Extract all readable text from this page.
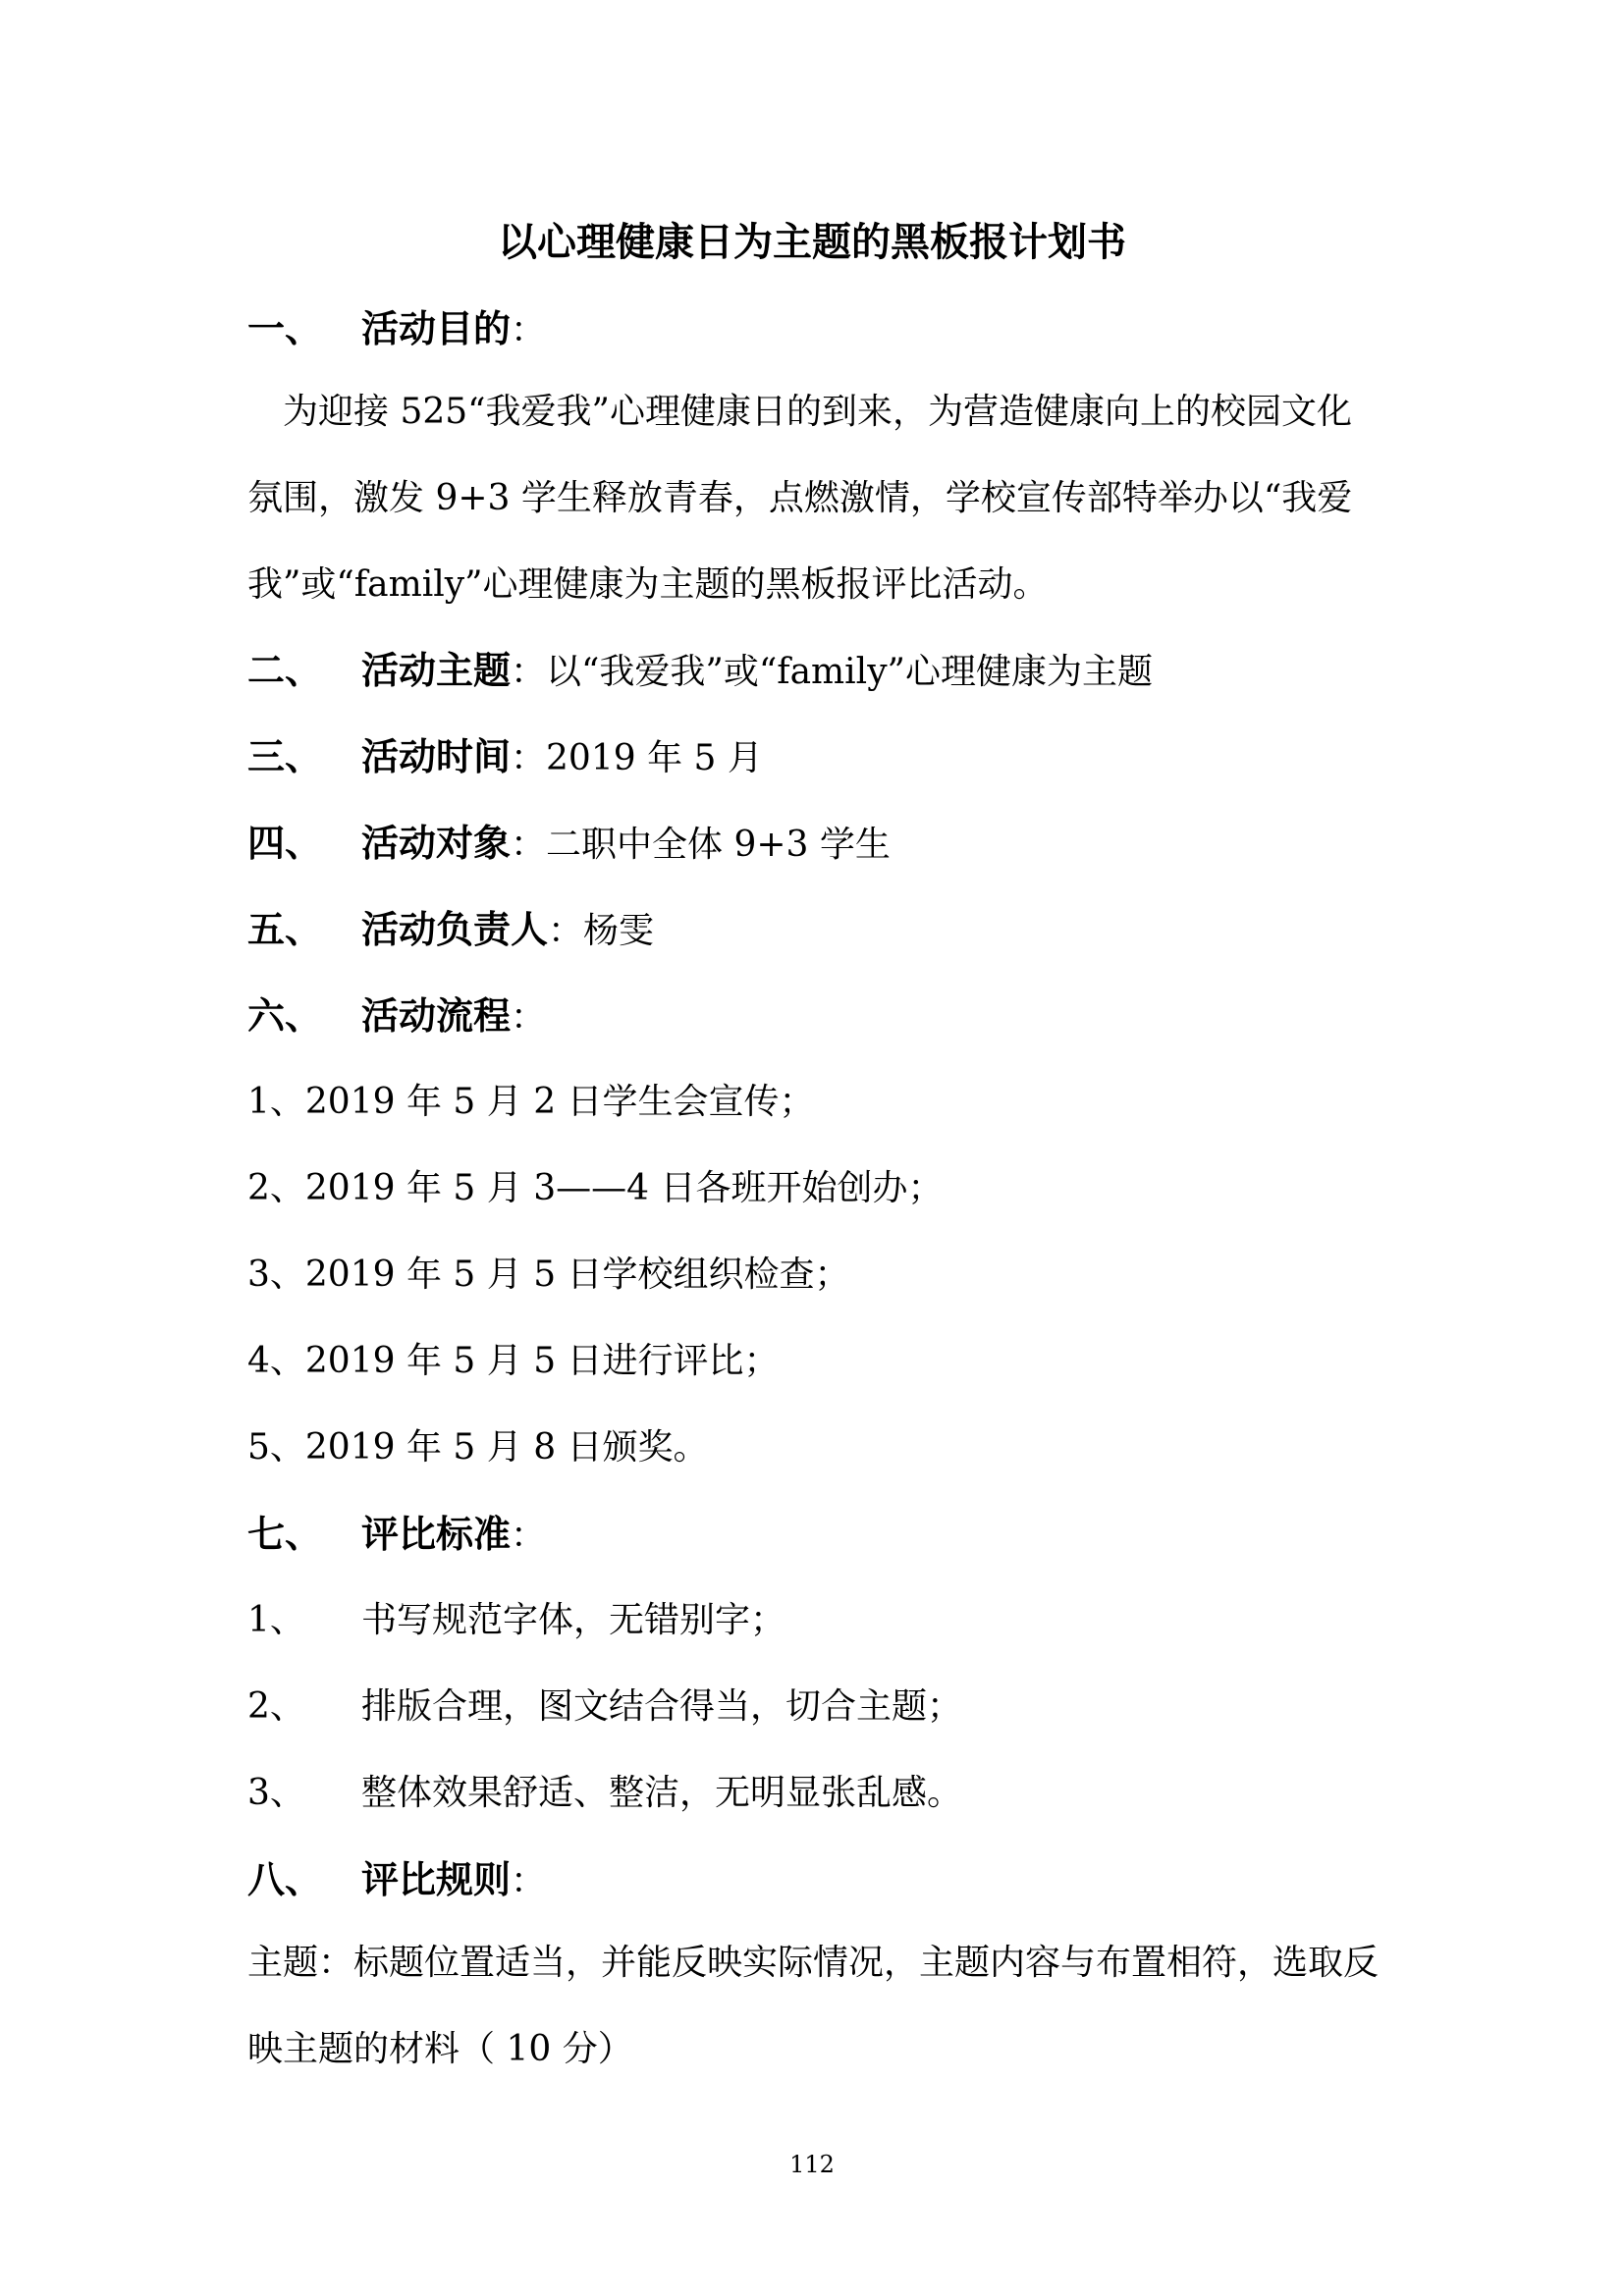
以心理健康日为主题的黑板报计划书
一、 活动目的：

为迎接 525“我爱我”心理健康日的到来，为营造健康向上的校园文化氛围，激发 9+3 学生释放青春，点燃激情，学校宣传部特举办以“我爱我”或“family”心理健康为主题的黑板报评比活动。

二、 活动主题：以“我爱我”或“family”心理健康为主题
三、 活动时间：2019 年 5 月
四、 活动对象：二职中全体 9+3 学生
五、 活动负责人：杨雯
六、 活动流程：
1、2019 年 5 月 2 日学生会宣传；
2、2019 年 5 月 3——4 日各班开始创办；
3、2019 年 5 月 5 日学校组织检查；
4、2019 年 5 月 5 日进行评比；
5、2019 年 5 月 8 日颁奖。
七、 评比标准：
1、 书写规范字体，无错别字；
2、 排版合理，图文结合得当，切合主题；
3、 整体效果舒适、整洁，无明显张乱感。
八、 评比规则：

主题：标题位置适当，并能反映实际情况，主题内容与布置相符，选取反映主题的材料（ 10 分）

112
